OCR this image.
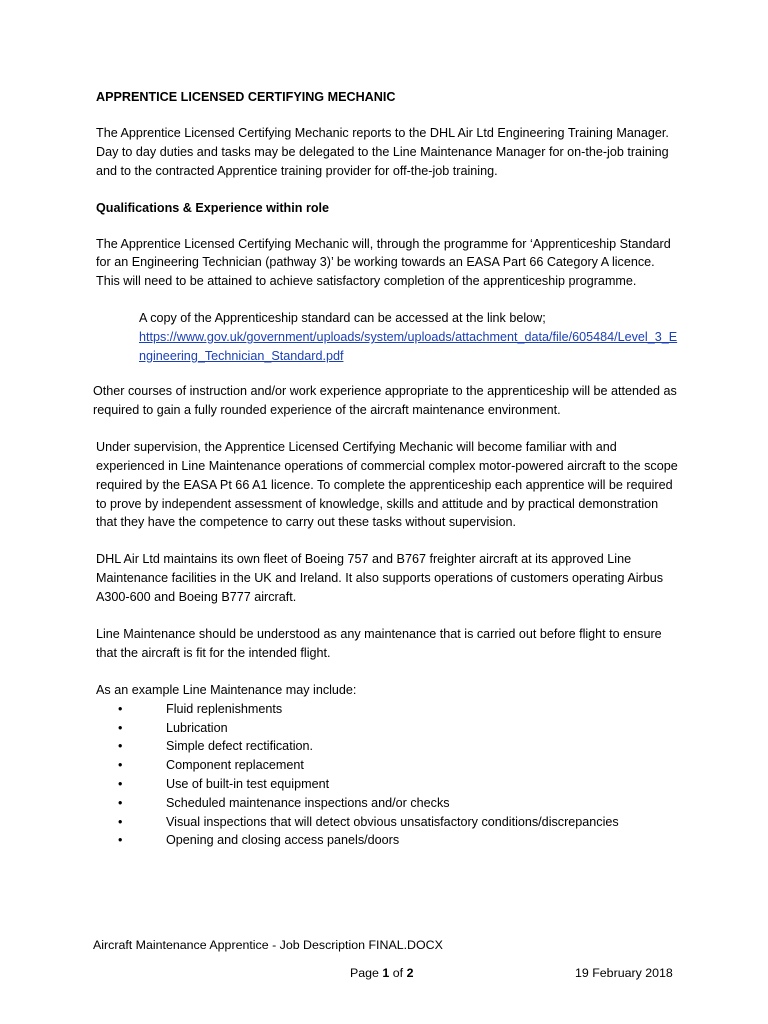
APPRENTICE LICENSED CERTIFYING MECHANIC

The Apprentice Licensed Certifying Mechanic reports to the DHL Air Ltd Engineering Training Manager. Day to day duties and tasks may be delegated to the Line Maintenance Manager for on-the-job training and to the contracted Apprentice training provider for off-the-job training.

Qualifications & Experience within role

The Apprentice Licensed Certifying Mechanic will, through the programme for ‘Apprenticeship Standard for an Engineering Technician (pathway 3)’ be working towards an EASA Part 66 Category A licence. This will need to be attained to achieve satisfactory completion of the apprenticeship programme.

A copy of the Apprenticeship standard can be accessed at the link below;
https://www.gov.uk/government/uploads/system/uploads/attachment_data/file/605484/Level_3_Engineering_Technician_Standard.pdf

Other courses of instruction and/or work experience appropriate to the apprenticeship will be attended as required to gain a fully rounded experience of the aircraft maintenance environment.

Under supervision, the Apprentice Licensed Certifying Mechanic will become familiar with and experienced in Line Maintenance operations of commercial complex motor-powered aircraft to the scope required by the EASA Pt 66 A1 licence. To complete the apprenticeship each apprentice will be required to prove by independent assessment of knowledge, skills and attitude and by practical demonstration that they have the competence to carry out these tasks without supervision.

DHL Air Ltd maintains its own fleet of Boeing 757 and B767 freighter aircraft at its approved Line Maintenance facilities in the UK and Ireland. It also supports operations of customers operating Airbus A300-600 and Boeing B777 aircraft.

Line Maintenance should be understood as any maintenance that is carried out before flight to ensure that the aircraft is fit for the intended flight.

As an example Line Maintenance may include:
•	Fluid replenishments
•	Lubrication
•	Simple defect rectification.
•	Component replacement
•	Use of built-in test equipment
•	Scheduled maintenance inspections and/or checks
•	Visual inspections that will detect obvious unsatisfactory conditions/discrepancies
•	Opening and closing access panels/doors
Aircraft Maintenance Apprentice - Job Description FINAL.DOCX
Page 1 of 2	19 February 2018
